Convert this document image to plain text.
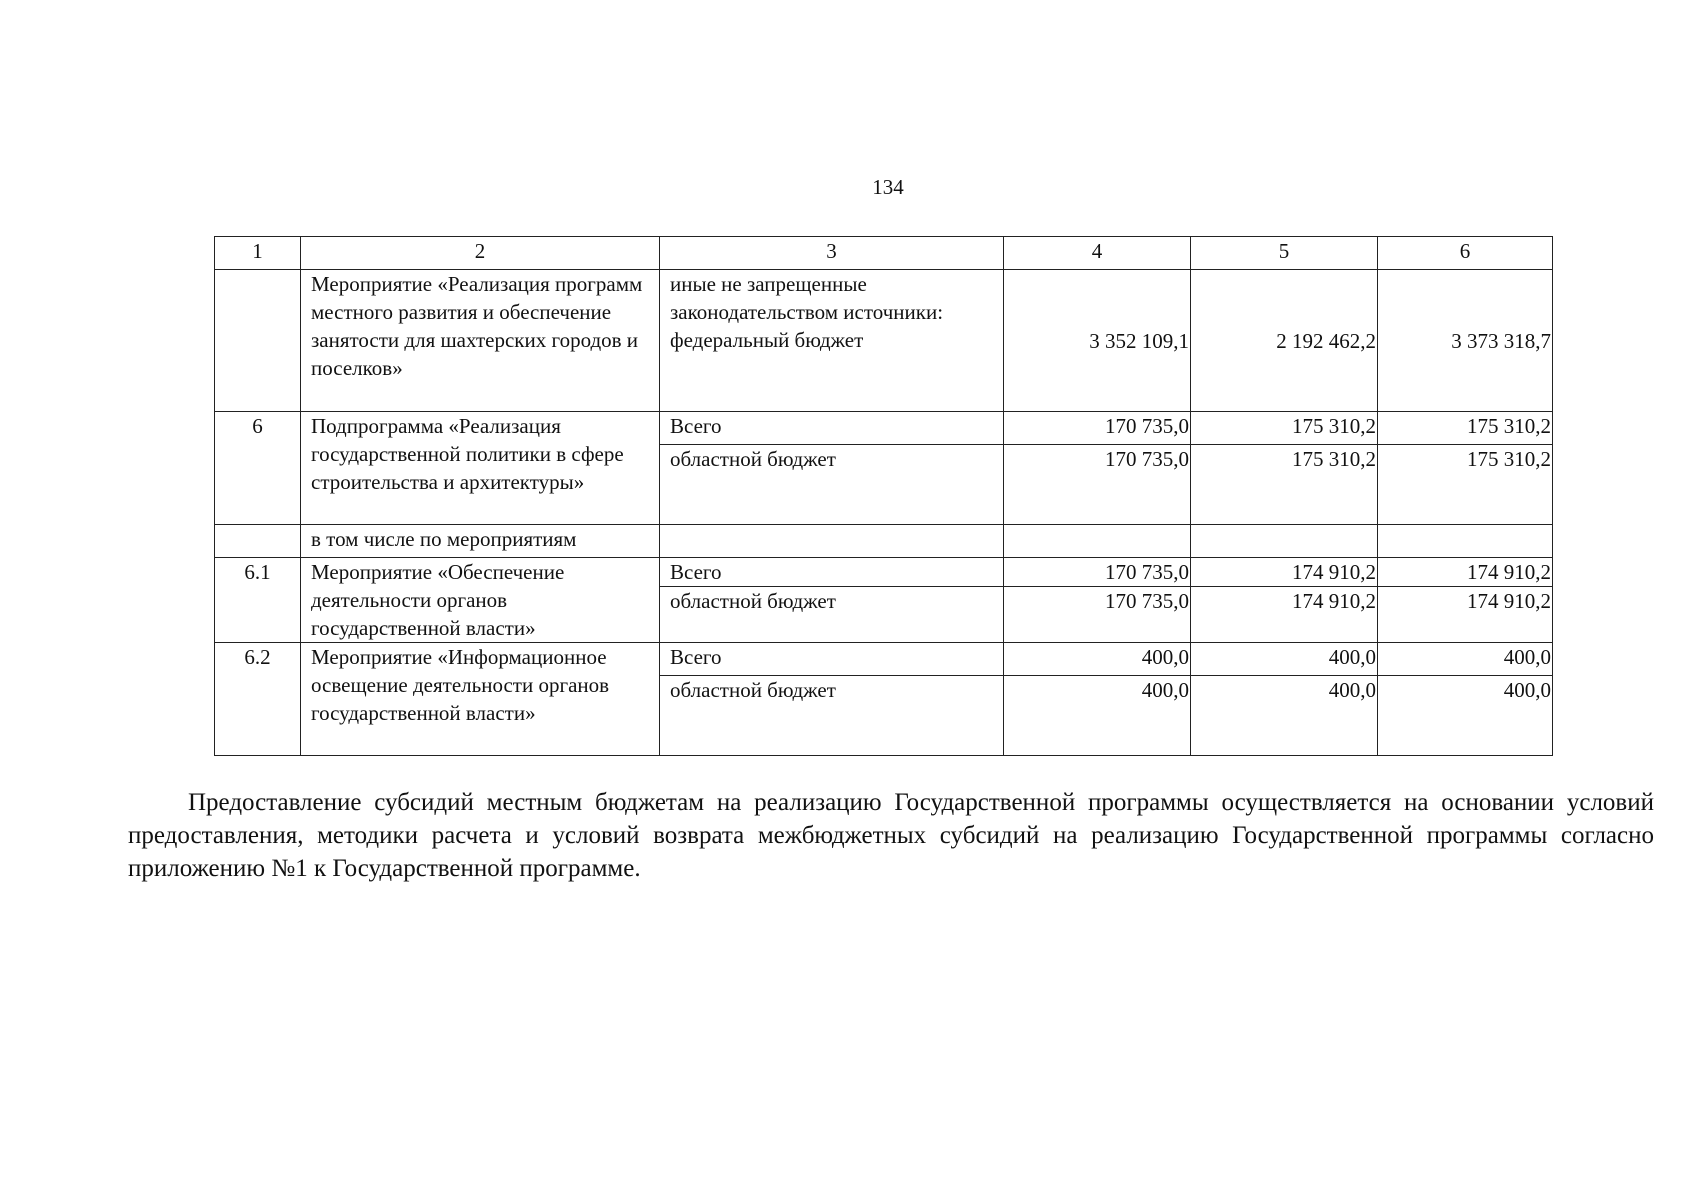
134
1	2	3	4	5	6
	Мероприятие «Реализация программ местного развития и обеспечение занятости для шахтерских городов и поселков»	иные не запрещенные законодательством источники: федеральный бюджет	3 352 109,1	2 192 462,2	3 373 318,7
6	Подпрограмма «Реализация государственной политики в сфере строительства и архитектуры»	Всего	170 735,0	175 310,2	175 310,2
		областной бюджет	170 735,0	175 310,2	175 310,2
	в том числе по мероприятиям				
6.1	Мероприятие «Обеспечение деятельности органов государственной власти»	Всего	170 735,0	174 910,2	174 910,2
		областной бюджет	170 735,0	174 910,2	174 910,2
6.2	Мероприятие «Информационное освещение деятельности органов государственной власти»	Всего	400,0	400,0	400,0
		областной бюджет	400,0	400,0	400,0

Предоставление субсидий местным бюджетам на реализацию Государственной программы осуществляется на основании условий предоставления, методики расчета и условий возврата межбюджетных субсидий на реализацию Государственной программы согласно приложению №1 к Государственной программе.
